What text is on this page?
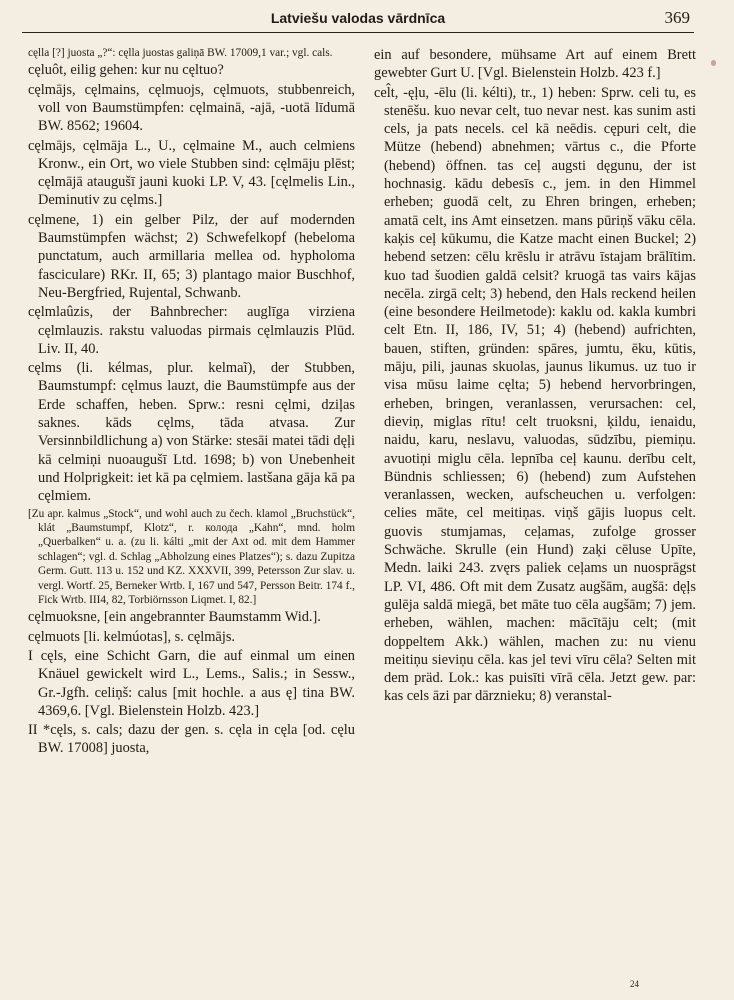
Latviešu valodas vārdnīca	369

cęlla [?] juosta „?“: cęlla juostas galiņā BW. 17009,1 var.; vgl. cals.

cęluôt, eilig gehen: kur nu cęltuo?

cęlmājs, cęlmains, cęlmuojs, cęlmuots, stubbenreich, voll von Baumstümpfen: cęlmainā, -ajā, -uotā līdumā BW. 8562; 19604.

cęlmājs, cęlmāja L., U., cęlmaine M., auch celmiens Kronw., ein Ort, wo viele Stubben sind: cęlmāju plēst; cęlmājā ataugušī jauni kuoki LP. V, 43. [cęlmelis Lin., Deminutiv zu cęlms.]

cęlmene, 1) ein gelber Pilz, der auf modernden Baumstümpfen wächst; 2) Schwefelkopf (hebeloma punctatum, auch armillaria mellea od. hypholoma fasciculare) RKr. II, 65; 3) plantago maior Buschhof, Neu-Bergfried, Rujental, Schwanb.

cęlmlaûzis, der Bahnbrecher: auglīga virziena cęlmlauzis. rakstu valuodas pirmais cęlmlauzis Plūd. Liv. II, 40.

cęlms (li. kélmas, plur. kelmaĩ), der Stubben, Baumstumpf: cęlmus lauzt, die Baumstümpfe aus der Erde schaffen, heben. Sprw.: resni cęlmi, dziļas saknes. kāds cęlms, tāda atvasa. Zur Versinnbildlichung a) von Stärke: stesāi matei tādi dęļi kā celmiņi nuoaugušī Ltd. 1698; b) von Unebenheit und Holprigkeit: iet kā pa cęlmiem. lastšana gāja kā pa cęlmiem.

[Zu apr. kalmus „Stock“, und wohl auch zu čech. klamol „Bruchstück“, klát „Baumstumpf, Klotz“, r. колода „Kahn“, mnd. holm „Querbalken“ u. a. (zu li. kálti „mit der Axt od. mit dem Hammer schlagen“; vgl. d. Schlag „Abholzung eines Platzes“); s. dazu Zupitza Germ. Gutt. 113 u. 152 und KZ. XXXVII, 399, Petersson Zur slav. u. vergl. Wortf. 25, Berneker Wrtb. I, 167 und 547, Persson Beitr. 174 f., Fick Wrtb. III4, 82, Torbiörnsson Liqmet. I, 82.]

cęlmuoksne, [ein angebrannter Baumstamm Wid.].

cęlmuots [li. kelmúotas], s. cęlmājs.

I cęls, eine Schicht Garn, die auf einmal um einen Knäuel gewickelt wird L., Lems., Salis.; in Sessw., Gr.-Jgfh. celiņš: calus [mit hochle. a aus ę] tina BW. 4369,6. [Vgl. Bielenstein Holzb. 423.]

II *cęls, s. cals; dazu der gen. s. cęla in cęla [od. cęlu BW. 17008] juosta,

ein auf besondere, mühsame Art auf einem Brett gewebter Gurt U. [Vgl. Bielenstein Holzb. 423 f.]

cel̂t, -ęļu, -ēlu (li. kélti), tr., 1) heben: Sprw. celi tu, es stenēšu. kuo nevar celt, tuo nevar nest. kas sunim asti cels, ja pats necels. cel kā neēdis. cępuri celt, die Mütze (hebend) abnehmen; vārtus c., die Pforte (hebend) öffnen. tas ceļ augsti dęgunu, der ist hochnasig. kādu debesīs c., jem. in den Himmel erheben; guodā celt, zu Ehren bringen, erheben; amatā celt, ins Amt einsetzen. mans pūriņš vāku cēla. kaķis ceļ kūkumu, die Katze macht einen Buckel; 2) hebend setzen: cēlu krēslu ir atrāvu īstajam brālītim. kuo tad šuodien galdā celsit? kruogā tas vairs kājas necēla. zirgā celt; 3) hebend, den Hals reckend heilen (eine besondere Heilmetode): kaklu od. kakla kumbri celt Etn. II, 186, IV, 51; 4) (hebend) aufrichten, bauen, stiften, gründen: spāres, jumtu, ēku, kūtis, māju, pili, jaunas skuolas, jaunus likumus. uz tuo ir visa mūsu laime cęlta; 5) hebend hervorbringen, erheben, bringen, veranlassen, verursachen: cel, dieviņ, miglas rītu! celt truoksni, ķildu, ienaidu, naidu, karu, neslavu, valuodas, sūdzību, piemiņu. avuotiņi miglu cēla. lepnība ceļ kaunu. derību celt, Bündnis schliessen; 6) (hebend) zum Aufstehen veranlassen, wecken, aufscheuchen u. verfolgen: celies māte, cel meitiņas. viņš gājis luopus celt. guovis stumjamas, ceļamas, zufolge grosser Schwäche. Skrulle (ein Hund) zaķi cēluse Upīte, Medn. laiki 243. zvęrs paliek ceļams un nuosprāgst LP. VI, 486. Oft mit dem Zusatz augšām, augšā: dęļs gulēja saldā miegā, bet māte tuo cēla augšām; 7) jem. erheben, wählen, machen: mācītāju celt; (mit doppeltem Akk.) wählen, machen zu: nu vienu meitiņu sieviņu cēla. kas jel tevi vīru cēla? Selten mit dem präd. Lok.: kas puisīti vīrā cēla. Jetzt gew. par: kas cels āzi par dārznieku; 8) veranstal-

24
